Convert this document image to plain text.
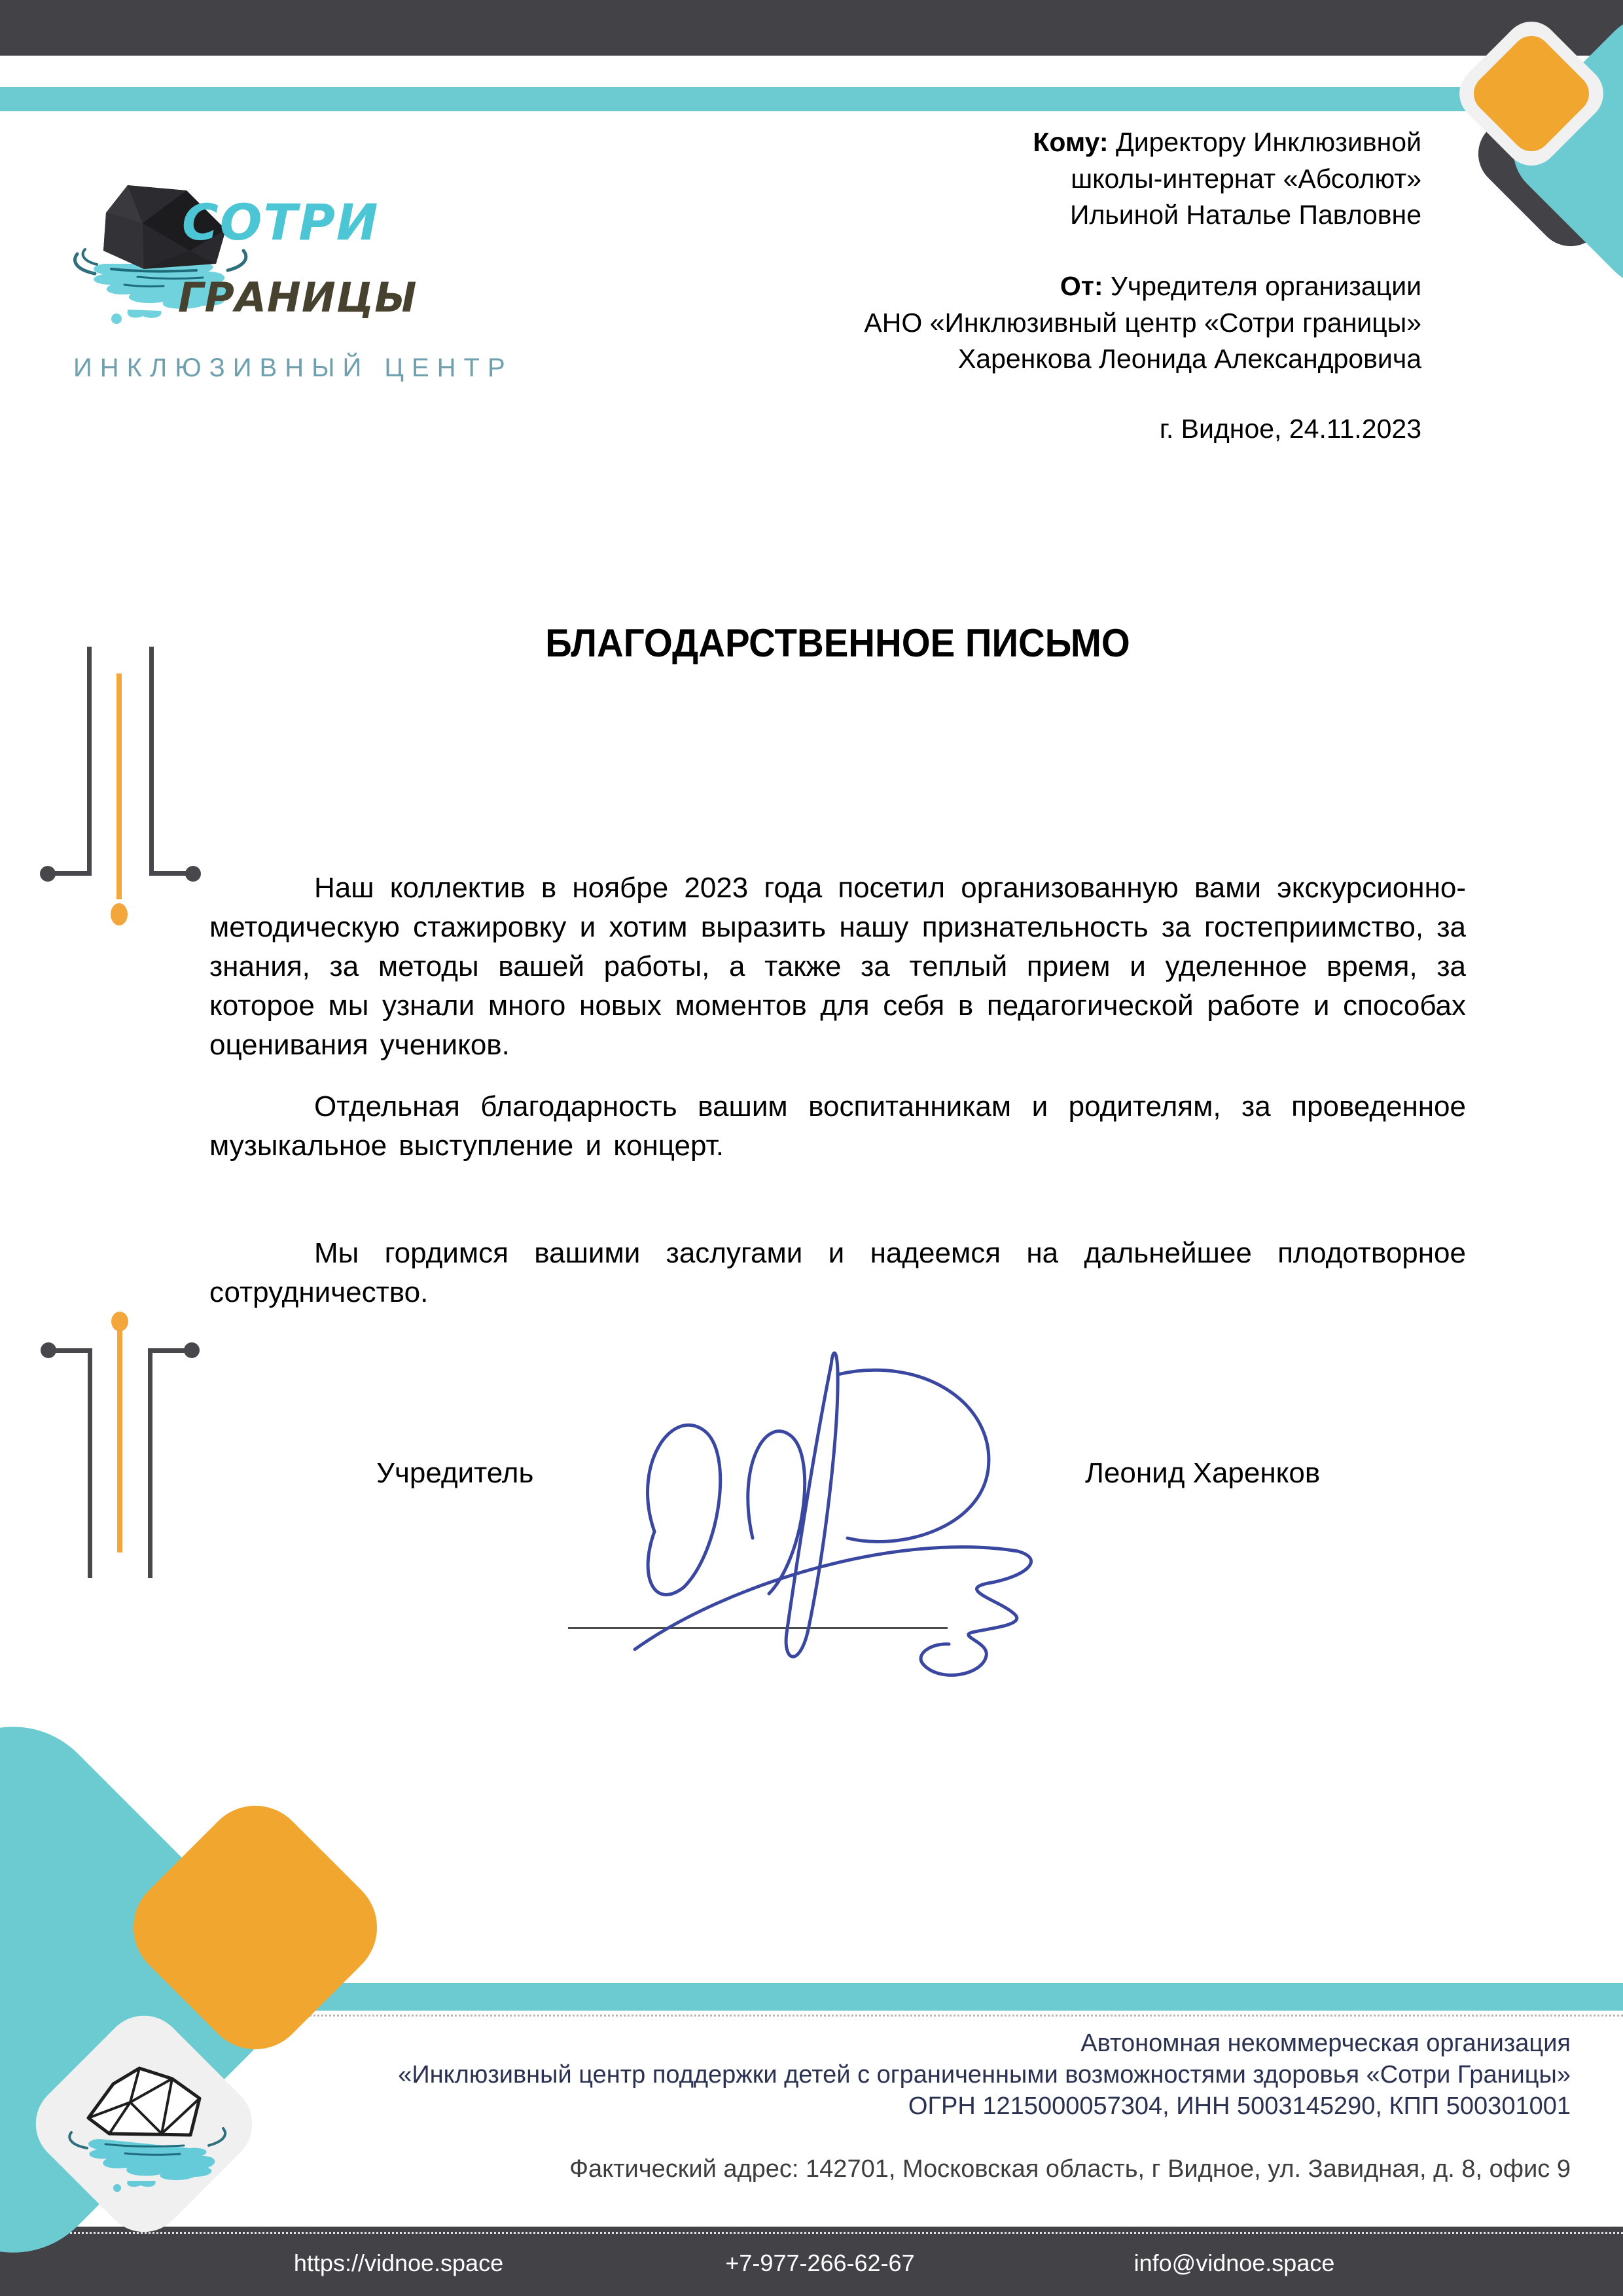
СОТРИ
ГРАНИЦЫ
ИНКЛЮЗИВНЫЙ ЦЕНТР
Кому: Директору Инклюзивной
школы-интернат «Абсолют»
Ильиной Наталье Павловне
От: Учредителя организации
АНО «Инклюзивный центр «Сотри границы»
Харенкова Леонида Александровича
г. Видное, 24.11.2023
БЛАГОДАРСТВЕННОЕ ПИСЬМО

Наш коллектив в ноябре 2023 года посетил организованную вами экскурсионно-методическую стажировку и хотим выразить нашу признательность за гостеприимство, за знания, за методы вашей работы, а также за теплый прием и уделенное время, за которое мы узнали много новых моментов для себя в педагогической работе и способах оценивания учеников.

Отдельная благодарность вашим воспитанникам и родителям, за проведенное музыкальное выступление и концерт.

Мы гордимся вашими заслугами и надеемся на дальнейшее плодотворное сотрудничество.

Учредитель	Леонид Харенков
Автономная некоммерческая организация
«Инклюзивный центр поддержки детей с ограниченными возможностями здоровья «Сотри Границы»
ОГРН 1215000057304, ИНН 5003145290, КПП 500301001
Фактический адрес: 142701, Московская область, г Видное, ул. Завидная, д. 8, офис 9
https://vidnoe.space	+7-977-266-62-67	info@vidnoe.space
